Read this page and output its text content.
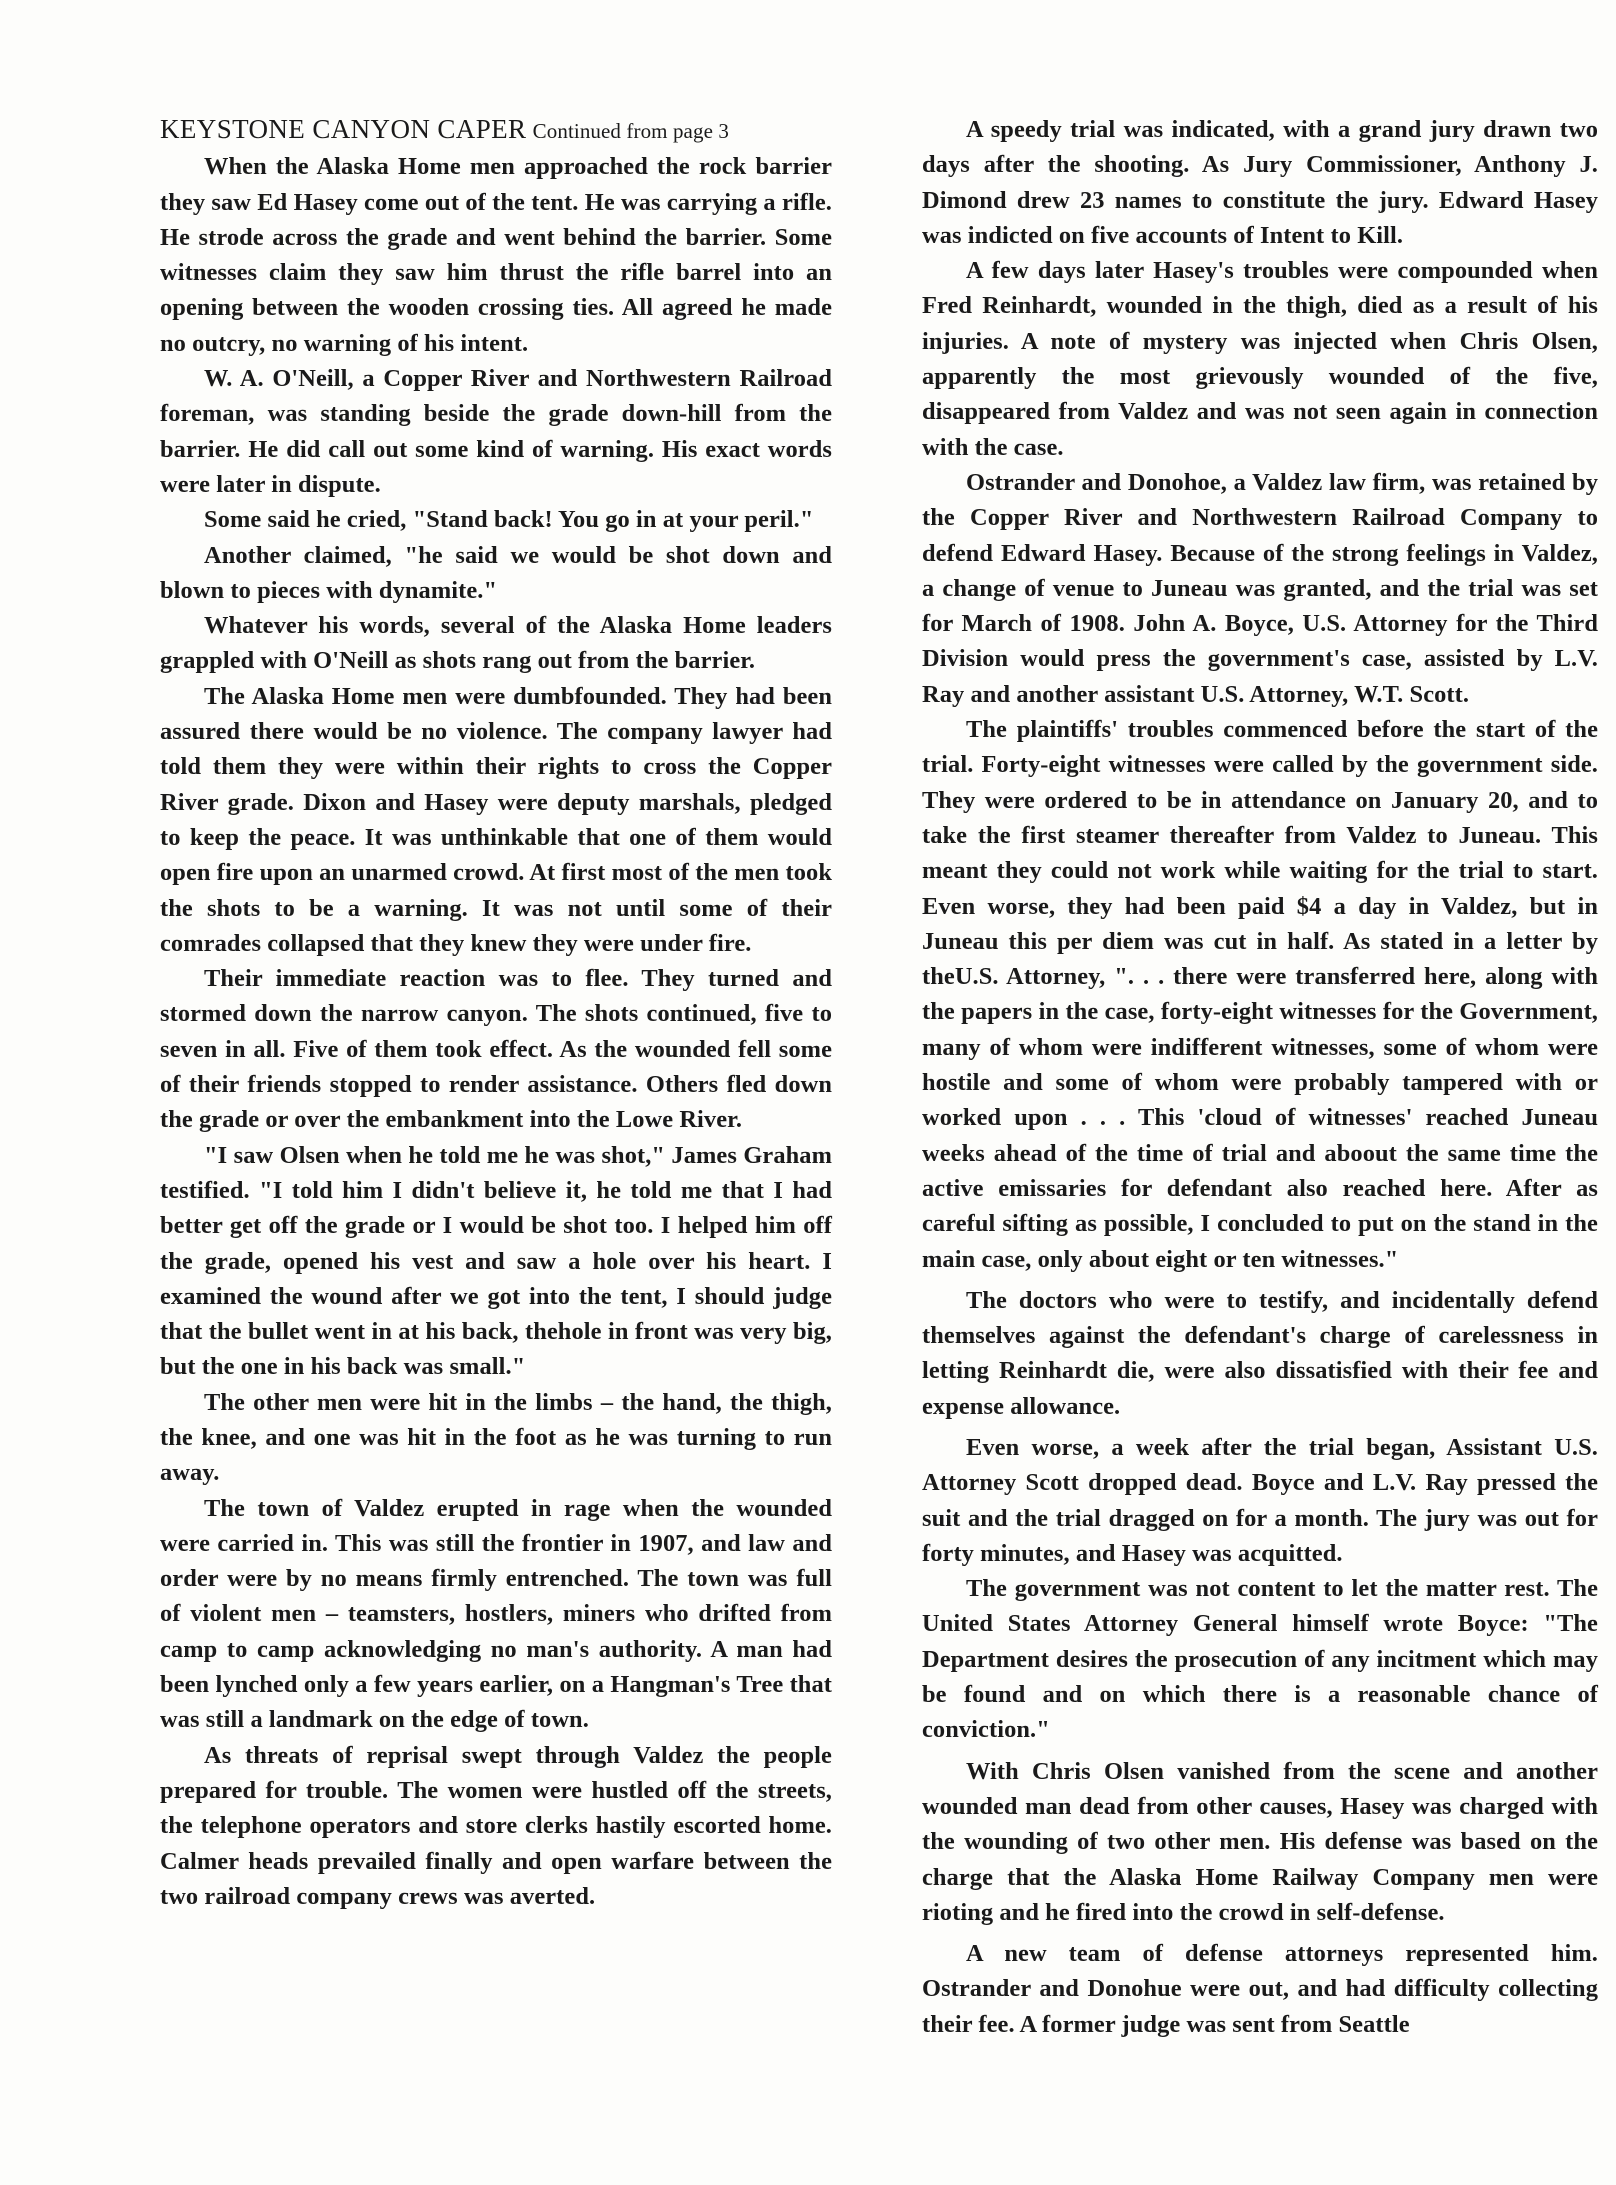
KEYSTONE CANYON CAPER Continued from page 3

When the Alaska Home men approached the rock barrier they saw Ed Hasey come out of the tent. He was carrying a rifle. He strode across the grade and went behind the barrier. Some witnesses claim they saw him thrust the rifle barrel into an opening between the wooden crossing ties. All agreed he made no outcry, no warning of his intent.

W. A. O'Neill, a Copper River and Northwestern Railroad foreman, was standing beside the grade down-hill from the barrier. He did call out some kind of warning. His exact words were later in dispute.

Some said he cried, "Stand back! You go in at your peril."

Another claimed, "he said we would be shot down and blown to pieces with dynamite."

Whatever his words, several of the Alaska Home leaders grappled with O'Neill as shots rang out from the barrier.

The Alaska Home men were dumbfounded. They had been assured there would be no violence. The company lawyer had told them they were within their rights to cross the Copper River grade. Dixon and Hasey were deputy marshals, pledged to keep the peace. It was unthinkable that one of them would open fire upon an unarmed crowd. At first most of the men took the shots to be a warning. It was not until some of their comrades collapsed that they knew they were under fire.

Their immediate reaction was to flee. They turned and stormed down the narrow canyon. The shots continued, five to seven in all. Five of them took effect. As the wounded fell some of their friends stopped to render assistance. Others fled down the grade or over the embankment into the Lowe River.

"I saw Olsen when he told me he was shot," James Graham testified. "I told him I didn't believe it, he told me that I had better get off the grade or I would be shot too. I helped him off the grade, opened his vest and saw a hole over his heart. I examined the wound after we got into the tent, I should judge that the bullet went in at his back, thehole in front was very big, but the one in his back was small."

The other men were hit in the limbs – the hand, the thigh, the knee, and one was hit in the foot as he was turning to run away.

The town of Valdez erupted in rage when the wounded were carried in. This was still the frontier in 1907, and law and order were by no means firmly entrenched. The town was full of violent men – teamsters, hostlers, miners who drifted from camp to camp acknowledging no man's authority. A man had been lynched only a few years earlier, on a Hangman's Tree that was still a landmark on the edge of town.

As threats of reprisal swept through Valdez the people prepared for trouble. The women were hustled off the streets, the telephone operators and store clerks hastily escorted home. Calmer heads prevailed finally and open warfare between the two railroad company crews was averted.

A speedy trial was indicated, with a grand jury drawn two days after the shooting. As Jury Commissioner, Anthony J. Dimond drew 23 names to constitute the jury. Edward Hasey was indicted on five accounts of Intent to Kill.

A few days later Hasey's troubles were compounded when Fred Reinhardt, wounded in the thigh, died as a result of his injuries. A note of mystery was injected when Chris Olsen, apparently the most grievously wounded of the five, disappeared from Valdez and was not seen again in connection with the case.

Ostrander and Donohoe, a Valdez law firm, was retained by the Copper River and Northwestern Railroad Company to defend Edward Hasey. Because of the strong feelings in Valdez, a change of venue to Juneau was granted, and the trial was set for March of 1908. John A. Boyce, U.S. Attorney for the Third Division would press the government's case, assisted by L.V. Ray and another assistant U.S. Attorney, W.T. Scott.

The plaintiffs' troubles commenced before the start of the trial. Forty-eight witnesses were called by the government side. They were ordered to be in attendance on January 20, and to take the first steamer thereafter from Valdez to Juneau. This meant they could not work while waiting for the trial to start. Even worse, they had been paid $4 a day in Valdez, but in Juneau this per diem was cut in half. As stated in a letter by theU.S. Attorney, ". . . there were transferred here, along with the papers in the case, forty-eight witnesses for the Government, many of whom were indifferent witnesses, some of whom were hostile and some of whom were probably tampered with or worked upon . . . This 'cloud of witnesses' reached Juneau weeks ahead of the time of trial and aboout the same time the active emissaries for defendant also reached here. After as careful sifting as possible, I concluded to put on the stand in the main case, only about eight or ten witnesses."

The doctors who were to testify, and incidentally defend themselves against the defendant's charge of carelessness in letting Reinhardt die, were also dissatisfied with their fee and expense allowance.

Even worse, a week after the trial began, Assistant U.S. Attorney Scott dropped dead. Boyce and L.V. Ray pressed the suit and the trial dragged on for a month. The jury was out for forty minutes, and Hasey was acquitted.

The government was not content to let the matter rest. The United States Attorney General himself wrote Boyce: "The Department desires the prosecution of any incitment which may be found and on which there is a reasonable chance of conviction."

With Chris Olsen vanished from the scene and another wounded man dead from other causes, Hasey was charged with the wounding of two other men. His defense was based on the charge that the Alaska Home Railway Company men were rioting and he fired into the crowd in self-defense.

A new team of defense attorneys represented him. Ostrander and Donohue were out, and had difficulty collecting their fee. A former judge was sent from Seattle
